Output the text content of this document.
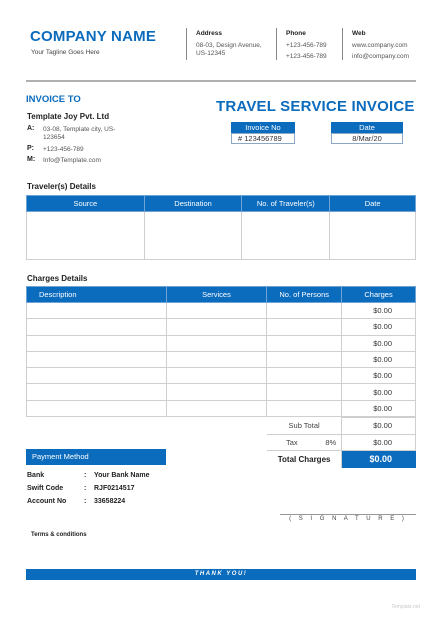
COMPANY NAME
Your Tagline Goes Here
Address
08-03, Design Avenue,
US-12345
Phone
+123-456-789
+123-456-789
Web
www.company.com
info@company.com
INVOICE TO
Template Joy Pvt. Ltd
A: 03-08, Template city, US-
123654
P: +123-456-789
M: Info@Template.com
TRAVEL SERVICE INVOICE
Invoice No
# 123456789
Date
8/Mar/20
Traveler(s) Details
Source	Destination	No. of Traveler(s)	Date

Charges Details
Description	Services	No. of Persons	Charges
			$0.00
			$0.00
			$0.00
			$0.00
			$0.00
			$0.00
			$0.00
Sub Total	$0.00
Tax 8%	$0.00
Total Charges	$0.00
Payment Method
Bank	: Your Bank Name
Swift Code	: RJF0214517
Account No	: 33658224
( S I G N A T U R E )
Terms & conditions
THANK YOU!
Template.net
